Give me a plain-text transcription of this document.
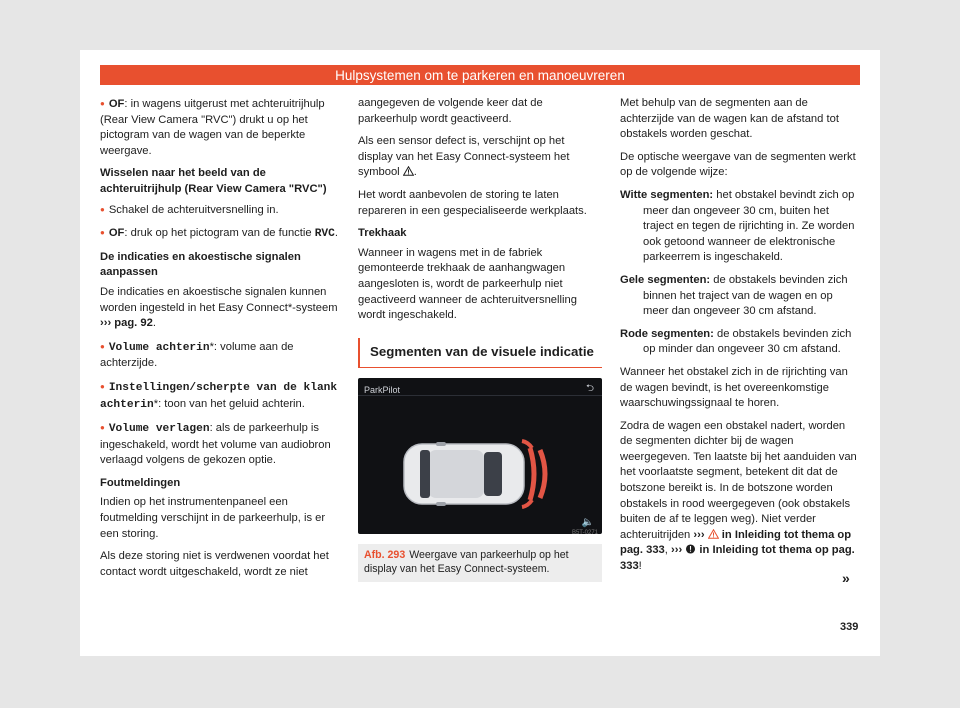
Hulpsystemen om te parkeren en manoeuvreren

● OF: in wagens uitgerust met achteruitrijhulp (Rear View Camera "RVC") drukt u op het pictogram van de wagen van de beperkte weergave.

Wisselen naar het beeld van de achteruitrijhulp (Rear View Camera "RVC")

● Schakel de achteruitversnelling in.

● OF: druk op het pictogram van de functie RVC.

De indicaties en akoestische signalen aanpassen

De indicaties en akoestische signalen kunnen worden ingesteld in het Easy Connect*-systeem ››› pag. 92.

● Volume achterin*: volume aan de achterzijde.

● Instellingen/scherpte van de klank achterin*: toon van het geluid achterin.

● Volume verlagen: als de parkeerhulp is ingeschakeld, wordt het volume van audiobron verlaagd volgens de gekozen optie.

Foutmeldingen

Indien op het instrumentenpaneel een foutmelding verschijnt in de parkeerhulp, is er een storing.

Als deze storing niet is verdwenen voordat het contact wordt uitgeschakeld, wordt ze niet

aangegeven de volgende keer dat de parkeerhulp wordt geactiveerd.

Als een sensor defect is, verschijnt op het display van het Easy Connect-systeem het symbool .

Het wordt aanbevolen de storing te laten repareren in een gespecialiseerde werkplaats.

Trekhaak

Wanneer in wagens met in de fabriek gemonteerde trekhaak de aanhangwagen aangesloten is, wordt de parkeerhulp niet geactiveerd wanneer de achteruitversnelling wordt ingeschakeld.

Segmenten van de visuele indicatie
ParkPilot	⮌
🔈
B5T-0271
Afb. 293 Weergave van parkeerhulp op het display van het Easy Connect-systeem.

Met behulp van de segmenten aan de achterzijde van de wagen kan de afstand tot obstakels worden geschat.

De optische weergave van de segmenten werkt op de volgende wijze:

Witte segmenten: het obstakel bevindt zich op meer dan ongeveer 30 cm, buiten het traject en tegen de rijrichting in. Ze worden ook getoond wanneer de elektronische parkeerrem is ingeschakeld.

Gele segmenten: de obstakels bevinden zich binnen het traject van de wagen en op meer dan ongeveer 30 cm afstand.

Rode segmenten: de obstakels bevinden zich op minder dan ongeveer 30 cm afstand.

Wanneer het obstakel zich in de rijrichting van de wagen bevindt, is het overeenkomstige waarschuwingssignaal te horen.

Zodra de wagen een obstakel nadert, worden de segmenten dichter bij de wagen weergegeven. Ten laatste bij het aanduiden van het voorlaatste segment, betekent dit dat de botszone bereikt is. In de botszone worden obstakels in rood weergegeven (ook obstakels buiten de af te leggen weg). Niet verder achteruitrijden ›››  in Inleiding tot thema op pag. 333, ›››  in Inleiding tot thema op pag. 333!

»
339
